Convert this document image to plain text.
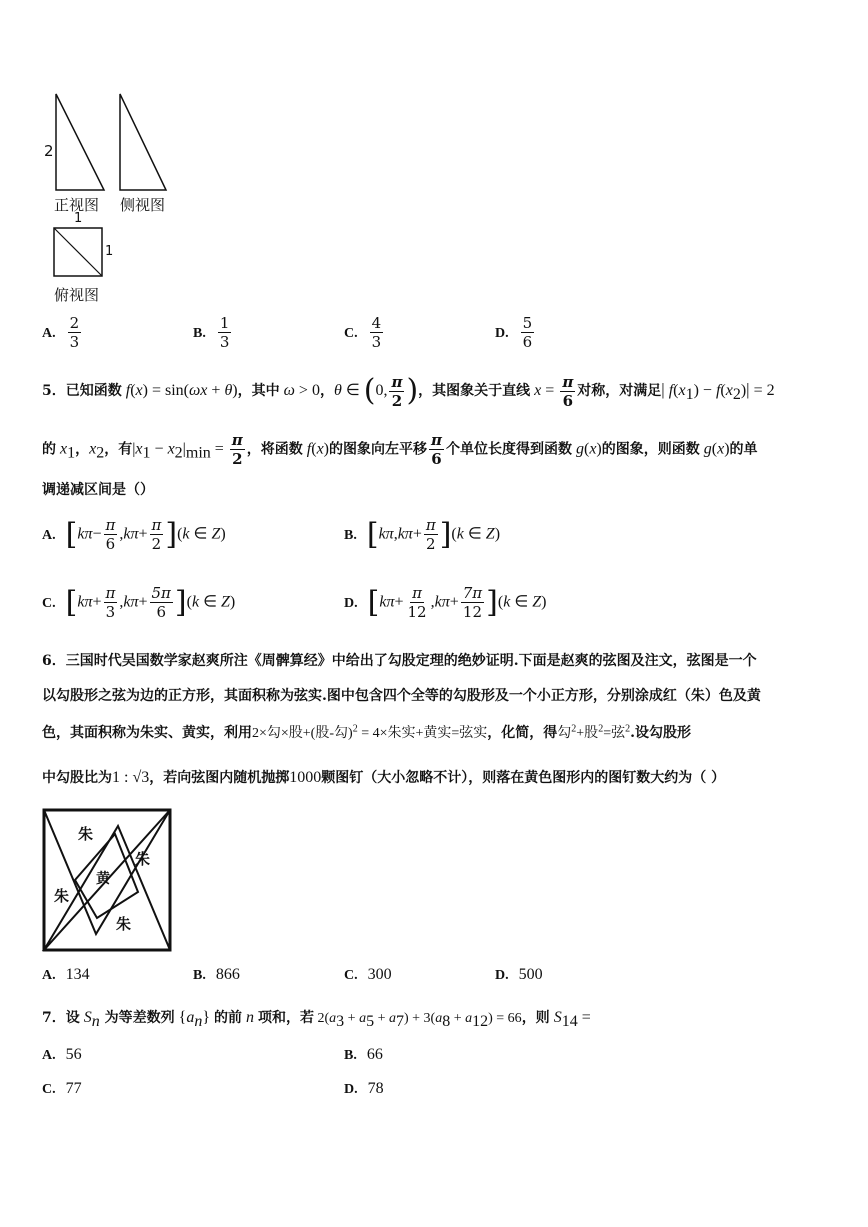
2
正视图 侧视图
1
1
俯视图
A. $\frac{2}{3}$	B. $\frac{1}{3}$	C. $\frac{4}{3}$	D. $\frac{5}{6}$
5．已知函数 f(x) = sin(ωx + θ)，其中 ω > 0，θ ∈ (0, $\frac{\pi}{2}$ )，其图象关于直线 $x = \frac{\pi}{6}$ 对称，对满足| $f(x_1) - f(x_2)| = 2$
的 $x_1$，$x_2$，有$|x_1 - x_2|_{min} = \frac{\pi}{2}$ ，将函数 f(x)的图象向左平移 $\frac{\pi}{6}$ 个单位长度得到函数 g(x)的图象，则函数 g(x)的单
调递减区间是（）
A. $[k\pi- \frac{\pi}{6} ,k\pi+ \frac{\pi}{2} ](k$ ∈ Z)	B. $[k\pi,k\pi+ \frac{\pi}{2} ](k$ ∈ Z)
C. $[k\pi+ \frac{\pi}{3} ,k\pi+ \frac{5\pi}{6} ](k$ ∈ Z)	D. $[k\pi+ \frac{\pi}{12} ,k\pi+ \frac{7\pi}{12} ](k$ ∈ Z)
6．三国时代吴国数学家赵爽所注《周髀算经》中给出了勾股定理的绝妙证明.下面是赵爽的弦图及注文，弦图是一个
以勾股形之弦为边的正方形，其面积称为弦实.图中包含四个全等的勾股形及一个小正方形，分别涂成红（朱）色及黄
色，其面积称为朱实、黄实，利用2×勾×股+(股-勾)$^2$ = 4×朱实+黄实=弦实，化简，得勾$^2$+股$^2$=弦$^2$.设勾股形
中勾股比为1 : √3，若向弦图内随机抛掷1000颗图钉（大小忽略不计），则落在黄色图形内的图钉数大约为（ ）
朱
朱
黄
朱
朱
A. 134	B. 866	C. 300	D. 500
7．设 $S_n$ 为等差数列 $\{a_n\}$ 的前 n 项和，若 $2(a_3 + a_5 + a_7) + 3(a_8 + a_{12}) = 66$，则 $S_{14}$ =
A. 56	B. 66
C. 77	D. 78
